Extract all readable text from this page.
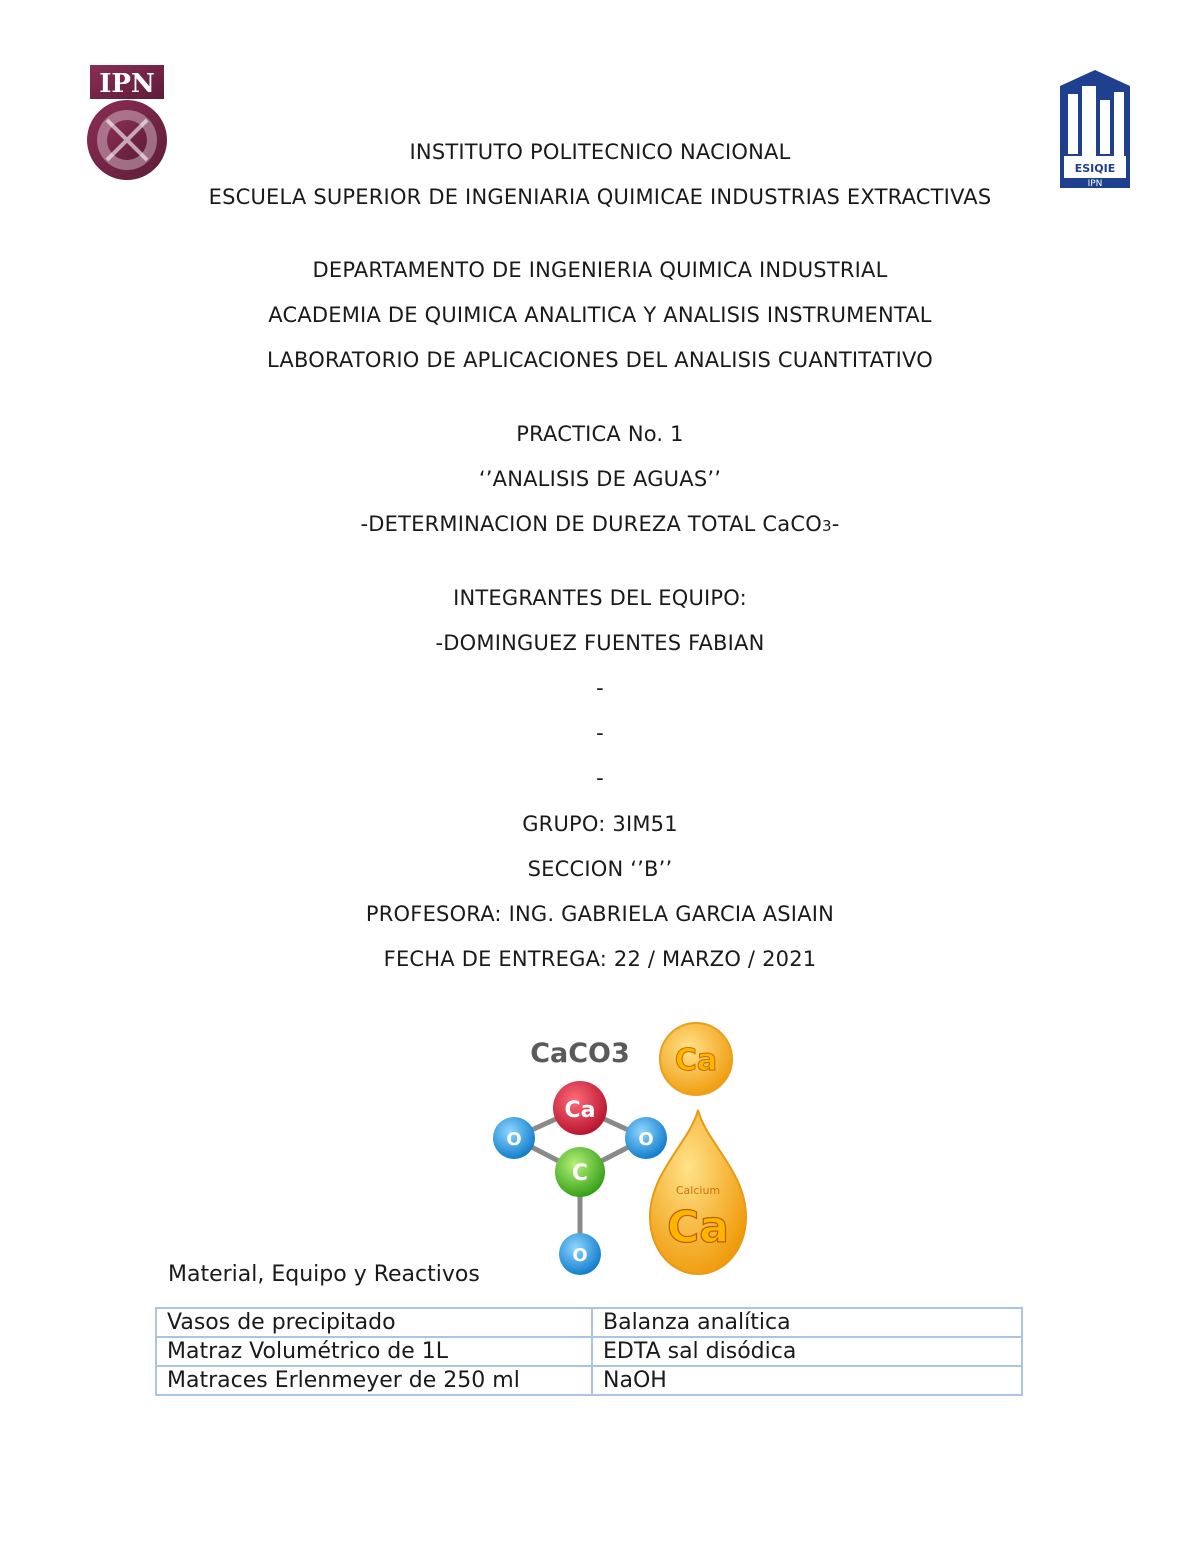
IPN
ESIQIE
IPN
INSTITUTO POLITECNICO NACIONAL
ESCUELA SUPERIOR DE INGENIARIA QUIMICAE INDUSTRIAS EXTRACTIVAS
DEPARTAMENTO DE INGENIERIA QUIMICA INDUSTRIAL
ACADEMIA DE QUIMICA ANALITICA Y ANALISIS INSTRUMENTAL
LABORATORIO DE APLICACIONES DEL ANALISIS CUANTITATIVO
PRACTICA No. 1
‘’ANALISIS DE AGUAS’’
-DETERMINACION DE DUREZA TOTAL CaCO3-
INTEGRANTES DEL EQUIPO:
-DOMINGUEZ FUENTES FABIAN
-
-
-
GRUPO: 3IM51
SECCION ‘’B’’
PROFESORA: ING. GABRIELA GARCIA ASIAIN
FECHA DE ENTREGA: 22 / MARZO / 2021
CaCO3
Ca
O	O
C
O
Ca
Calcium
Ca
Material, Equipo y Reactivos
Vasos de precipitado	Balanza analítica
Matraz Volumétrico de 1L	EDTA sal disódica
Matraces Erlenmeyer de 250 ml	NaOH
